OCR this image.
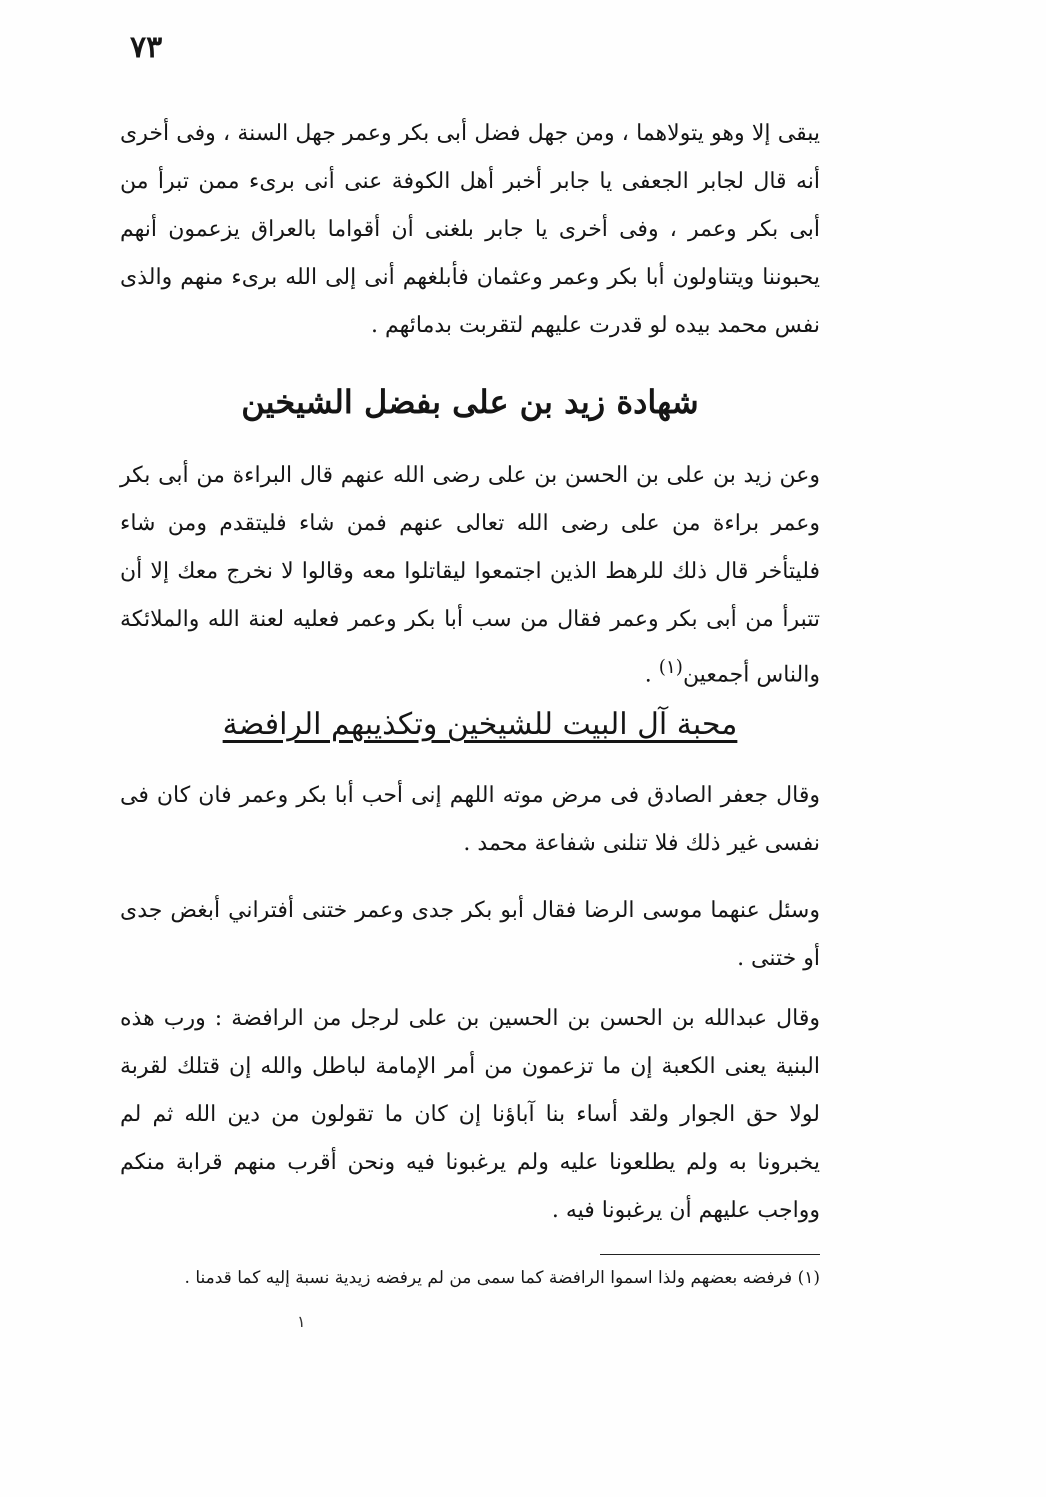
٧٣

يبقى إلا وهو يتولاهما ، ومن جهل فضل أبى بكر وعمر جهل السنة ، وفى أخرى أنه قال لجابر الجعفى يا جابر أخبر أهل الكوفة عنى أنى برىء ممن تبرأ من أبى بكر وعمر ، وفى أخرى يا جابر بلغنى أن أقواما بالعراق يزعمون أنهم يحبوننا ويتناولون أبا بكر وعمر وعثمان فأبلغهم أنى إلى الله برىء منهم والذى نفس محمد بيده لو قدرت عليهم لتقربت بدمائهم .

شهادة زيد بن على بفضل الشيخين

وعن زيد بن على بن الحسن بن على رضى الله عنهم قال البراءة من أبى بكر وعمر براءة من على رضى الله تعالى عنهم فمن شاء فليتقدم ومن شاء فليتأخر قال ذلك للرهط الذين اجتمعوا ليقاتلوا معه وقالوا لا نخرج معك إلا أن تتبرأ من أبى بكر وعمر فقال من سب أبا بكر وعمر فعليه لعنة الله والملائكة والناس أجمعين$^{(١)}$ .

محبة آل البيت للشيخين وتكذيبهم الرافضة

وقال جعفر الصادق فى مرض موته اللهم إنى أحب أبا بكر وعمر فان كان فى نفسى غير ذلك فلا تنلنى شفاعة محمد .

وسئل عنهما موسى الرضا فقال أبو بكر جدى وعمر ختنى أفتراني أبغض جدى أو ختنى .

وقال عبدالله بن الحسن بن الحسين بن على لرجل من الرافضة : ورب هذه البنية يعنى الكعبة إن ما تزعمون من أمر الإمامة لباطل والله إن قتلك لقربة لولا حق الجوار ولقد أساء بنا آباؤنا إن كان ما تقولون من دين الله ثم لم يخبرونا به ولم يطلعونا عليه ولم يرغبونا فيه ونحن أقرب منهم قرابة منكم وواجب عليهم أن يرغبونا فيه .

(١) فرفضه بعضهم ولذا اسموا الرافضة كما سمى من لم يرفضه زيدية نسبة إليه كما قدمنا .
١
